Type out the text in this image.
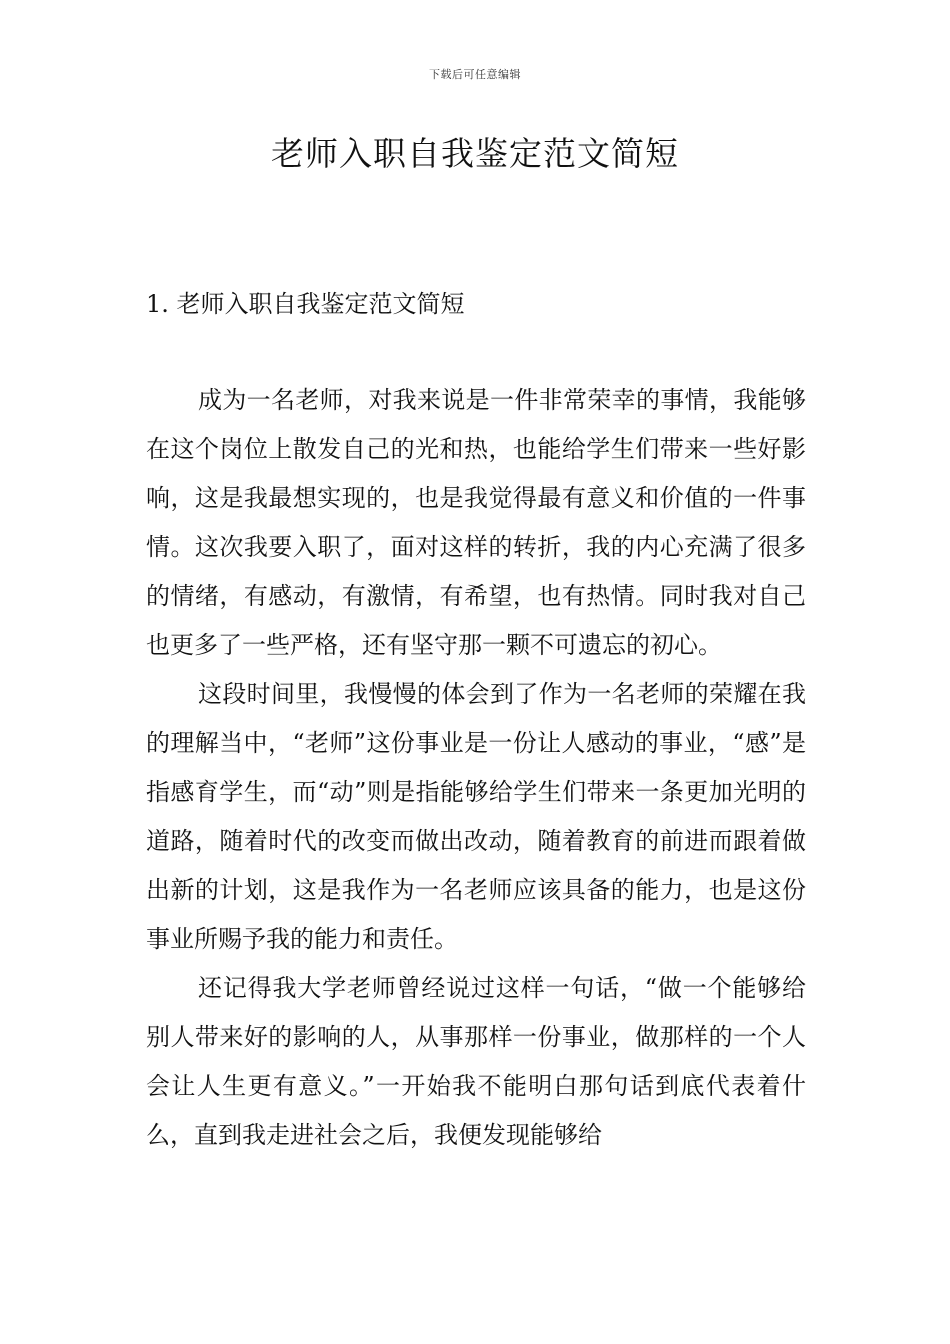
下载后可任意编辑
老师入职自我鉴定范文简短
1. 老师入职自我鉴定范文简短

成为一名老师，对我来说是一件非常荣幸的事情，我能够在这个岗位上散发自己的光和热，也能给学生们带来一些好影响，这是我最想实现的，也是我觉得最有意义和价值的一件事情。这次我要入职了，面对这样的转折，我的内心充满了很多的情绪，有感动，有激情，有希望，也有热情。同时我对自己也更多了一些严格，还有坚守那一颗不可遗忘的初心。

这段时间里，我慢慢的体会到了作为一名老师的荣耀在我的理解当中，“老师”这份事业是一份让人感动的事业，“感”是指感育学生，而“动”则是指能够给学生们带来一条更加光明的道路，随着时代的改变而做出改动，随着教育的前进而跟着做出新的计划，这是我作为一名老师应该具备的能力，也是这份事业所赐予我的能力和责任。

还记得我大学老师曾经说过这样一句话，“做一个能够给别人带来好的影响的人，从事那样一份事业，做那样的一个人会让人生更有意义。”一开始我不能明白那句话到底代表着什么，直到我走进社会之后，我便发现能够给
